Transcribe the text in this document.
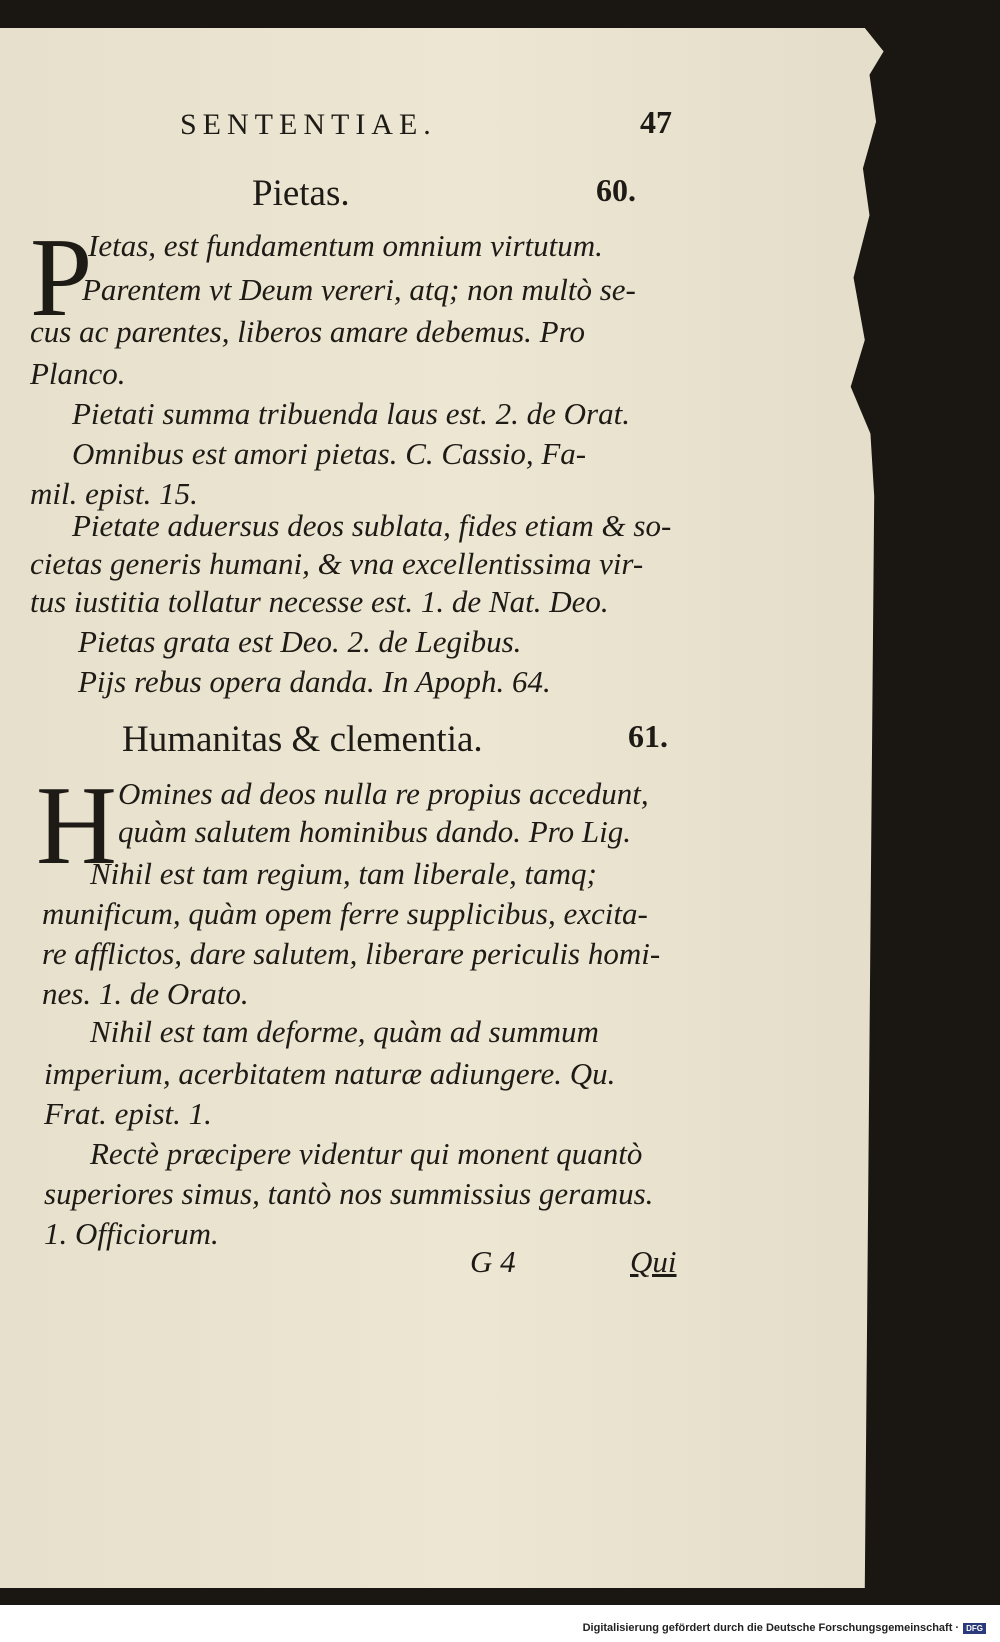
SENTENTIAE.	47
Pietas.	60.
P
Ietas, est fundamentum omnium virtutum.
Parentem vt Deum vereri, atq; non multò se-
cus ac parentes, liberos amare debemus. Pro
Planco.
Pietati summa tribuenda laus est. 2. de Orat.
Omnibus est amori pietas. C. Cassio, Fa-
mil. epist. 15.
Pietate aduersus deos sublata, fides etiam & so-
cietas generis humani, & vna excellentissima vir-
tus iustitia tollatur necesse est. 1. de Nat. Deo.
Pietas grata est Deo. 2. de Legibus.
Pijs rebus opera danda. In Apoph. 64.
Humanitas & clementia.	61.
H Omines ad deos nulla re propius accedunt,
quàm salutem hominibus dando. Pro Lig.
Nihil est tam regium, tam liberale, tamq;
munificum, quàm opem ferre supplicibus, excita-
re afflictos, dare salutem, liberare periculis homi-
nes. 1. de Orato.
Nihil est tam deforme, quàm ad summum
imperium, acerbitatem naturæ adiungere. Qu.
Frat. epist. 1.
Rectè præcipere videntur qui monent quantò
superiores simus, tantò nos summissius geramus.
1. Officiorum.
G 4	Qui
Digitalisierung gefördert durch die Deutsche Forschungsgemeinschaft · DFG
